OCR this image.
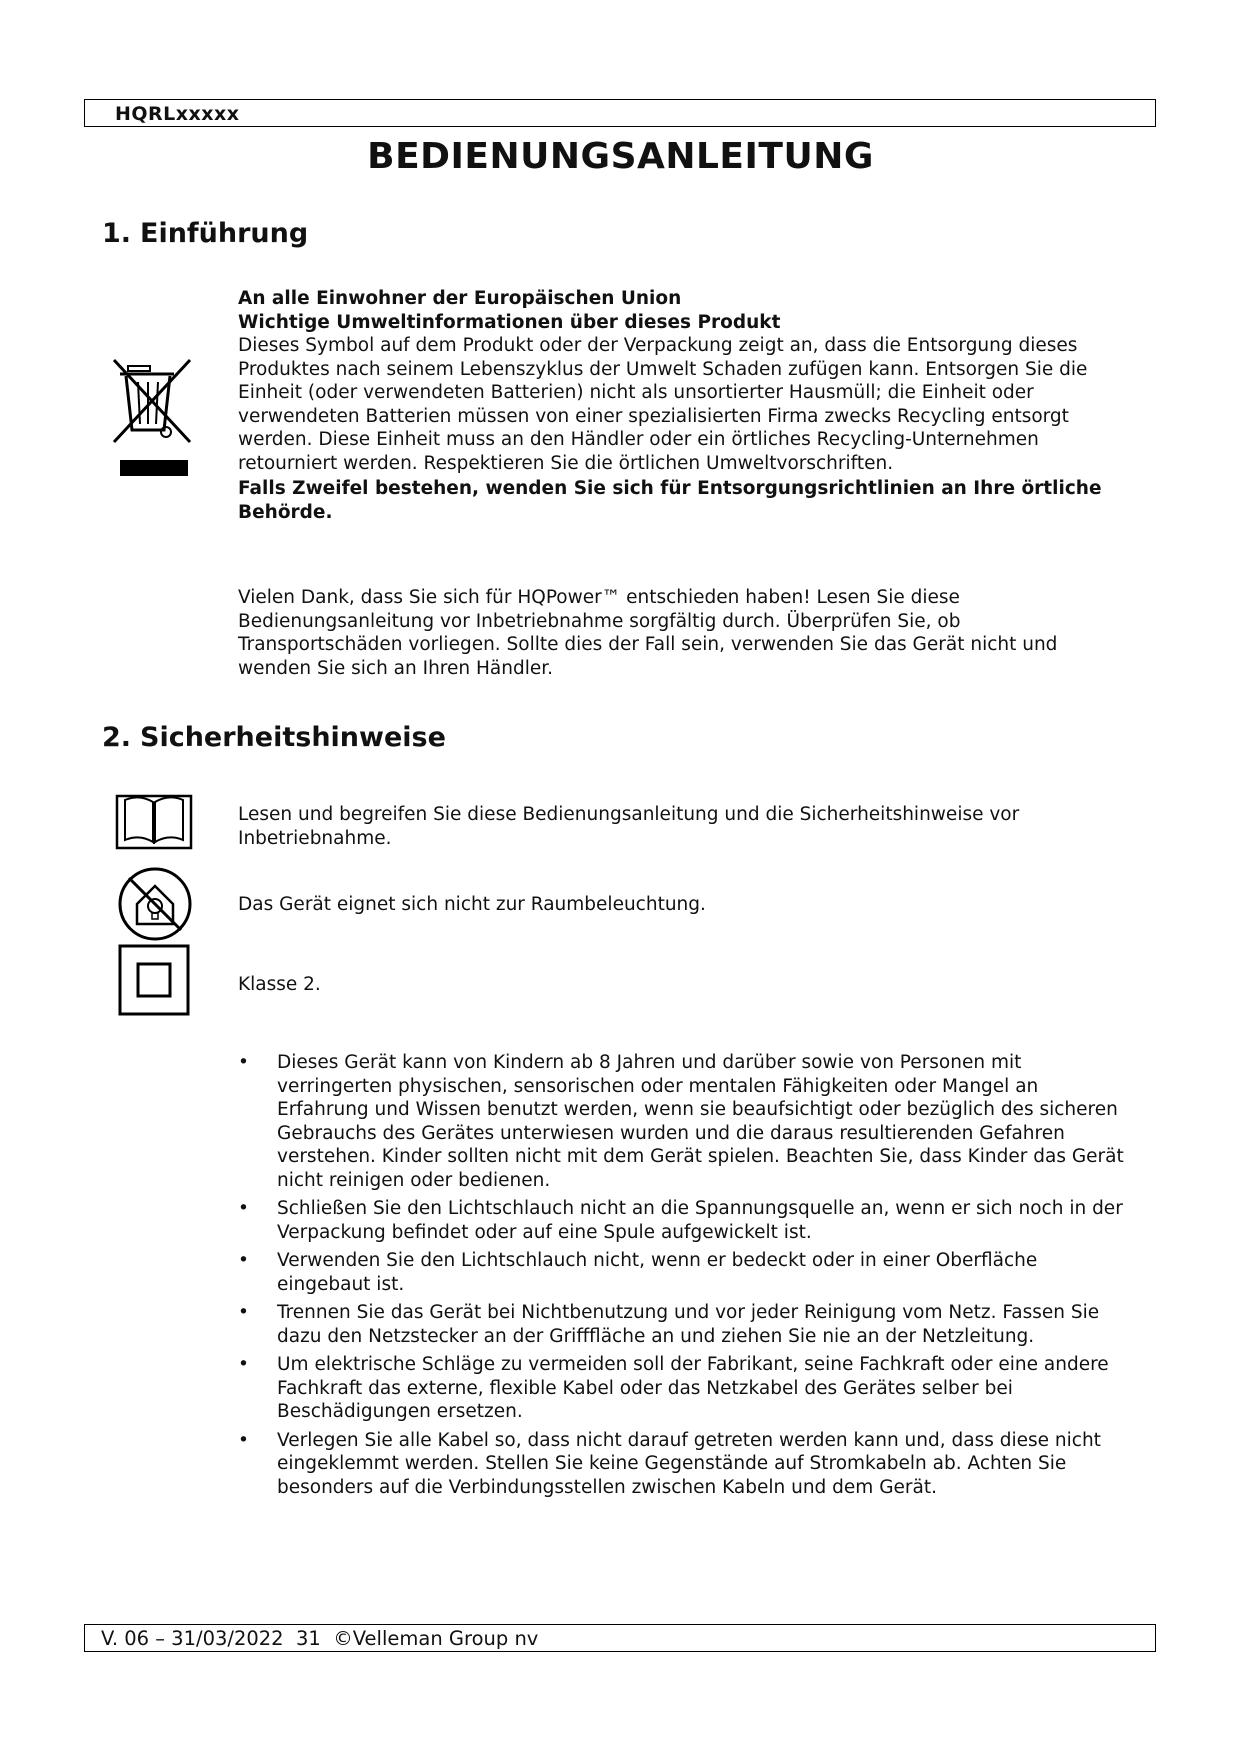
HQRLxxxxx
BEDIENUNGSANLEITUNG
1. Einführung
An alle Einwohner der Europäischen Union
Wichtige Umweltinformationen über dieses Produkt
Dieses Symbol auf dem Produkt oder der Verpackung zeigt an, dass die Entsorgung dieses Produktes nach seinem Lebenszyklus der Umwelt Schaden zufügen kann. Entsorgen Sie die Einheit (oder verwendeten Batterien) nicht als unsortierter Hausmüll; die Einheit oder verwendeten Batterien müssen von einer spezialisierten Firma zwecks Recycling entsorgt werden. Diese Einheit muss an den Händler oder ein örtliches Recycling-Unternehmen retourniert werden. Respektieren Sie die örtlichen Umweltvorschriften.
Falls Zweifel bestehen, wenden Sie sich für Entsorgungsrichtlinien an Ihre örtliche Behörde.
Vielen Dank, dass Sie sich für HQPower™ entschieden haben! Lesen Sie diese Bedienungsanleitung vor Inbetriebnahme sorgfältig durch. Überprüfen Sie, ob Transportschäden vorliegen. Sollte dies der Fall sein, verwenden Sie das Gerät nicht und wenden Sie sich an Ihren Händler.
2. Sicherheitshinweise
Lesen und begreifen Sie diese Bedienungsanleitung und die Sicherheitshinweise vor Inbetriebnahme.
Das Gerät eignet sich nicht zur Raumbeleuchtung.
Klasse 2.
• Dieses Gerät kann von Kindern ab 8 Jahren und darüber sowie von Personen mit verringerten physischen, sensorischen oder mentalen Fähigkeiten oder Mangel an Erfahrung und Wissen benutzt werden, wenn sie beaufsichtigt oder bezüglich des sicheren Gebrauchs des Gerätes unterwiesen wurden und die daraus resultierenden Gefahren verstehen. Kinder sollten nicht mit dem Gerät spielen. Beachten Sie, dass Kinder das Gerät nicht reinigen oder bedienen.
• Schließen Sie den Lichtschlauch nicht an die Spannungsquelle an, wenn er sich noch in der Verpackung befindet oder auf eine Spule aufgewickelt ist.
• Verwenden Sie den Lichtschlauch nicht, wenn er bedeckt oder in einer Oberfläche eingebaut ist.
• Trennen Sie das Gerät bei Nichtbenutzung und vor jeder Reinigung vom Netz. Fassen Sie dazu den Netzstecker an der Grifffläche an und ziehen Sie nie an der Netzleitung.
• Um elektrische Schläge zu vermeiden soll der Fabrikant, seine Fachkraft oder eine andere Fachkraft das externe, flexible Kabel oder das Netzkabel des Gerätes selber bei Beschädigungen ersetzen.
• Verlegen Sie alle Kabel so, dass nicht darauf getreten werden kann und, dass diese nicht eingeklemmt werden. Stellen Sie keine Gegenstände auf Stromkabeln ab. Achten Sie besonders auf die Verbindungsstellen zwischen Kabeln und dem Gerät.
V. 06 – 31/03/2022 31 ©Velleman Group nv
